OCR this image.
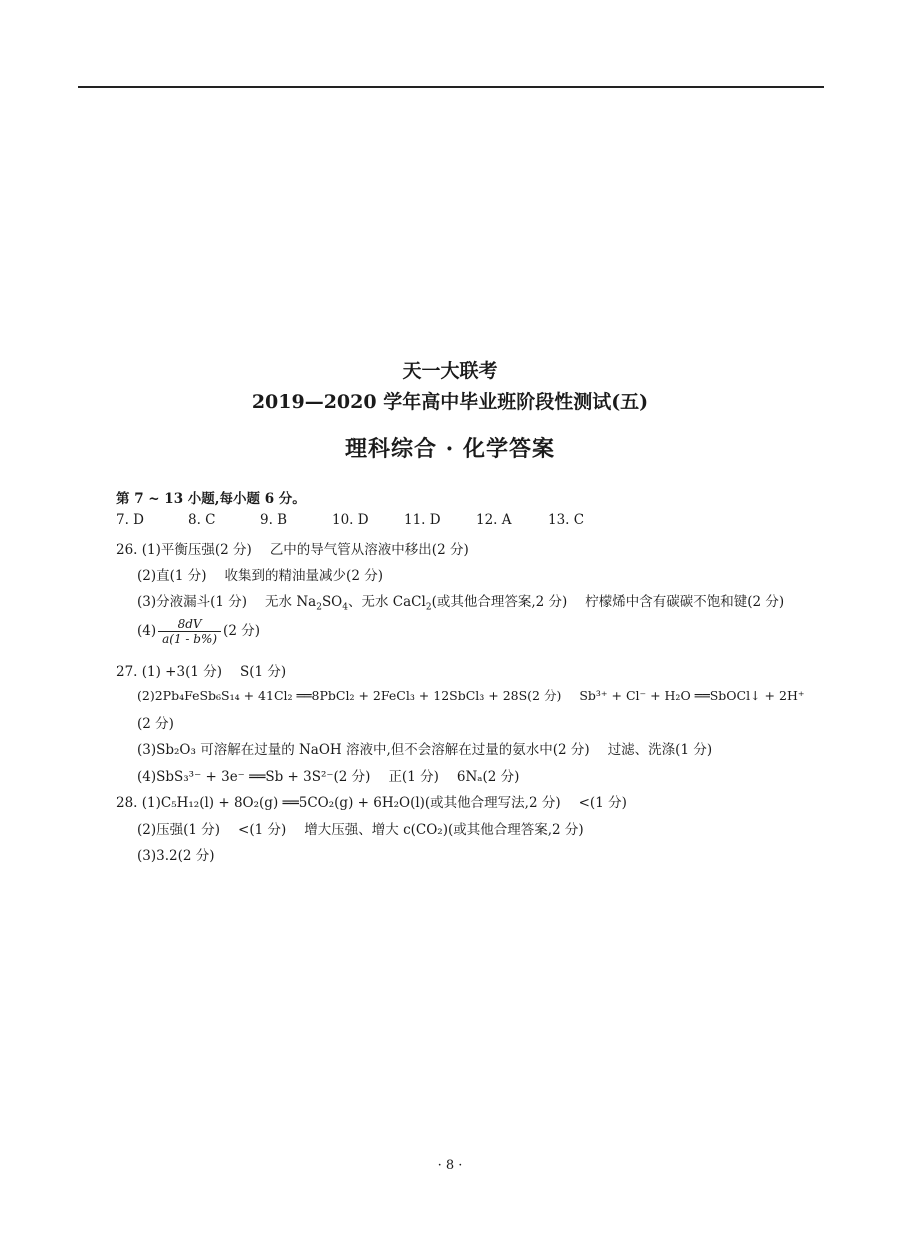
天一大联考
2019—2020 学年高中毕业班阶段性测试(五)
理科综合 · 化学答案
第 7 ~ 13 小题,每小题 6 分。
7. D	8. C	9. B	10. D	11. D	12. A	13. C
26. (1)平衡压强(2 分) 乙中的导气管从溶液中移出(2 分)
(2)直(1 分) 收集到的精油量减少(2 分)
(3)分液漏斗(1 分) 无水 $Na_2SO_4$、无水 CaCl$_2$(或其他合理答案,2 分) 柠檬烯中含有碳碳不饱和键(2 分)
$(4) \frac{8dV}{a(1 - b\%)} (2$ 分)
27. (1) +3(1 分) S(1 分)
(2)2Pb₄FeSb₆S₁₄ + 41Cl₂ ══8PbCl₂ + 2FeCl₃ + 12SbCl₃ + 28S(2 分) Sb³⁺ + Cl⁻ + H₂O ══SbOCl↓ + 2H⁺
(2 分)
(3)Sb₂O₃ 可溶解在过量的 NaOH 溶液中,但不会溶解在过量的氨水中(2 分) 过滤、洗涤(1 分)
(4)SbS₃³⁻ + 3e⁻ ══Sb + 3S²⁻(2 分) 正(1 分) 6Nₐ(2 分)
28. (1)C₅H₁₂(l) + 8O₂(g) ══5CO₂(g) + 6H₂O(l)(或其他合理写法,2 分) <(1 分)
(2)压强(1 分) <(1 分) 增大压强、增大 c(CO₂)(或其他合理答案,2 分)
(3)3.2(2 分)
· 8 ·
